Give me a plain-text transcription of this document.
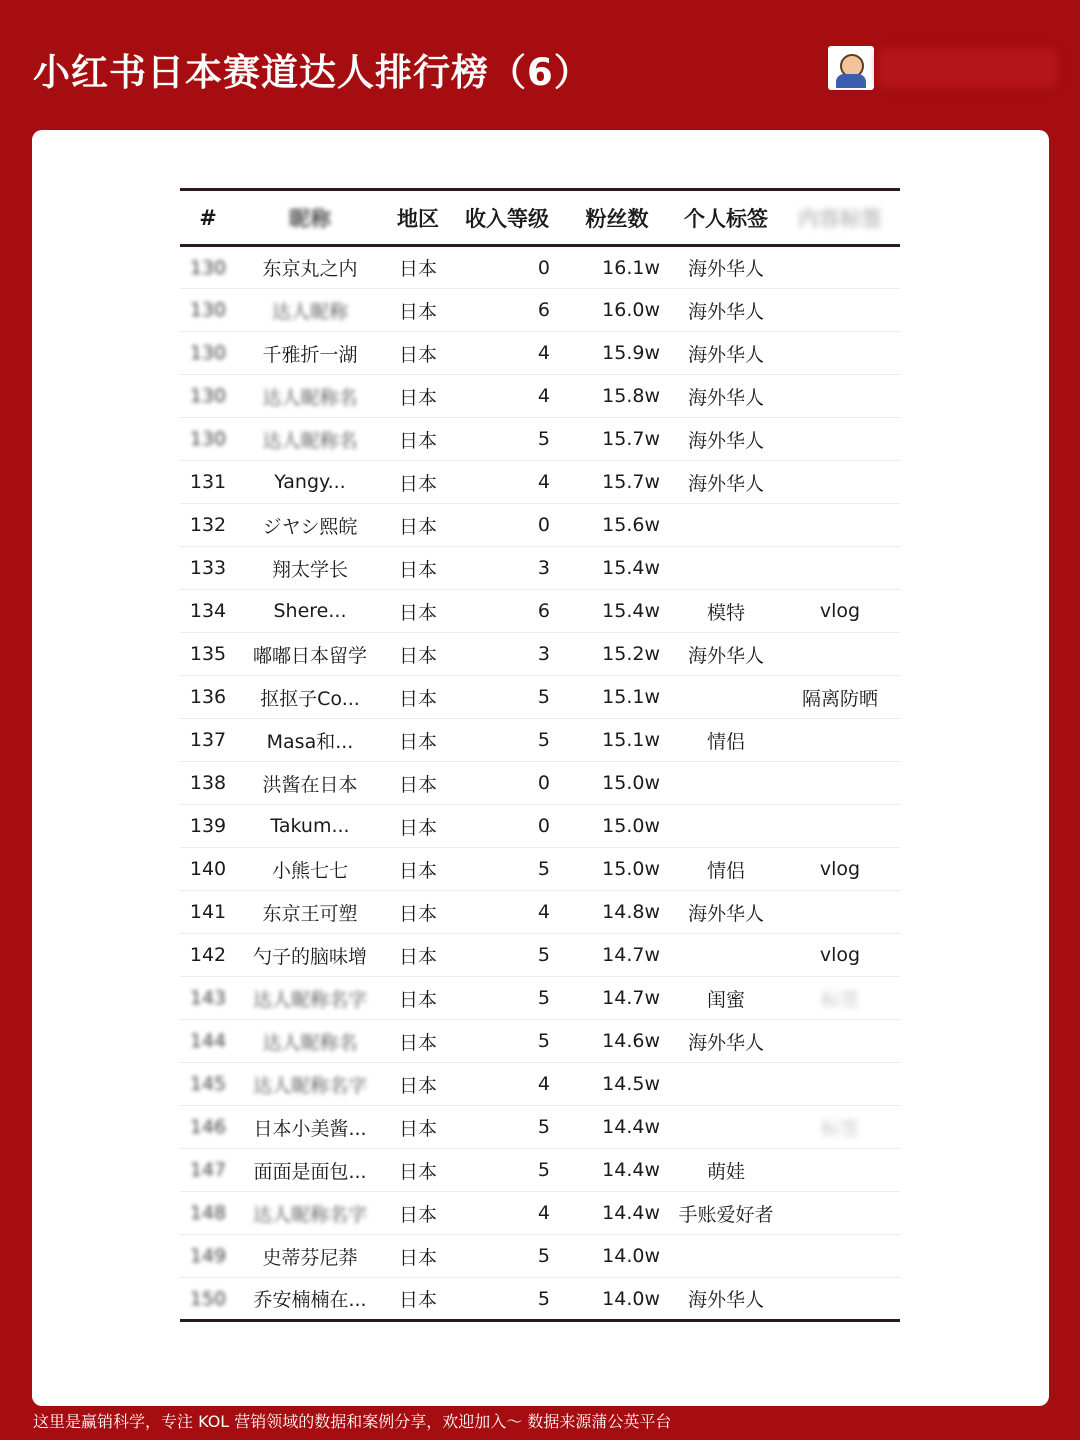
小红书日本赛道达人排行榜（6）
#	昵称	地区	收入等级	粉丝数	个人标签	内容标签
130	东京丸之内	日本	0	16.1w	海外华人	
130	达人昵称	日本	6	16.0w	海外华人	
130	千雅折一湖	日本	4	15.9w	海外华人	
130	达人昵称名	日本	4	15.8w	海外华人	
130	达人昵称名	日本	5	15.7w	海外华人	
131	Yangy...	日本	4	15.7w	海外华人	
132	ジヤシ熙皖	日本	0	15.6w		
133	翔太学长	日本	3	15.4w		
134	Shere...	日本	6	15.4w	模特	vlog
135	嘟嘟日本留学	日本	3	15.2w	海外华人	
136	抠抠子Co...	日本	5	15.1w		隔离防晒
137	Masa和...	日本	5	15.1w	情侣	
138	洪酱在日本	日本	0	15.0w		
139	Takum...	日本	0	15.0w		
140	小熊七七	日本	5	15.0w	情侣	vlog
141	东京王可塑	日本	4	14.8w	海外华人	
142	勺子的脑味增	日本	5	14.7w		vlog
143	达人昵称名字	日本	5	14.7w	闺蜜	标签
144	达人昵称名	日本	5	14.6w	海外华人	
145	达人昵称名字	日本	4	14.5w		
146	日本小美酱...	日本	5	14.4w		标签
147	面面是面包...	日本	5	14.4w	萌娃	
148	达人昵称名字	日本	4	14.4w	手账爱好者	
149	史蒂芬尼莽	日本	5	14.0w		
150	乔安楠楠在...	日本	5	14.0w	海外华人	
这里是赢销科学，专注 KOL 营销领域的数据和案例分享，欢迎加入～ 数据来源蒲公英平台
